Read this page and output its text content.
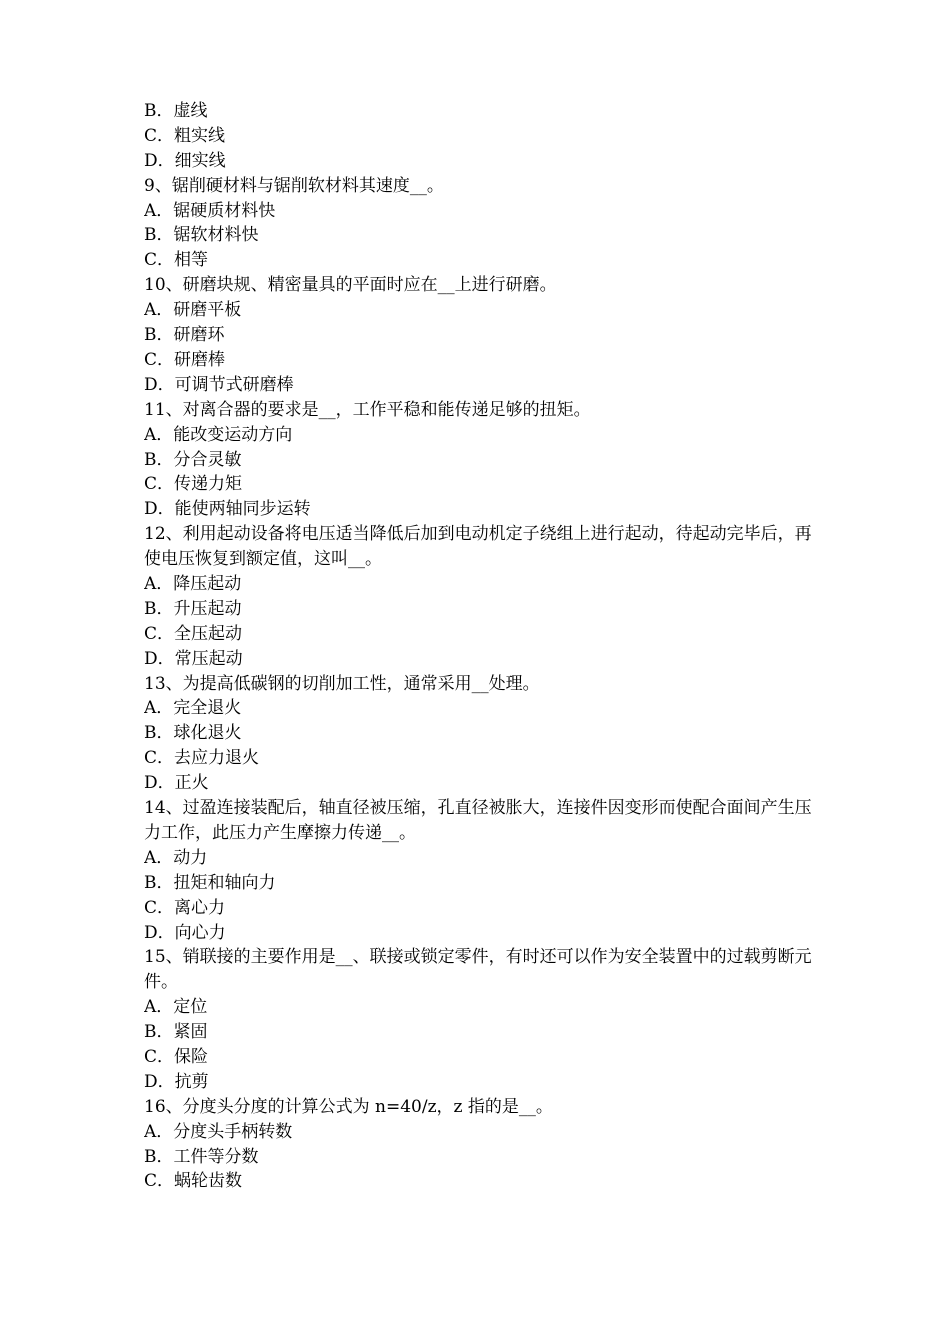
B．虚线
C．粗实线
D．细实线
9、锯削硬材料与锯削软材料其速度__。
A．锯硬质材料快
B．锯软材料快
C．相等
10、研磨块规、精密量具的平面时应在__上进行研磨。
A．研磨平板
B．研磨环
C．研磨棒
D．可调节式研磨棒
11、对离合器的要求是__，工作平稳和能传递足够的扭矩。
A．能改变运动方向
B．分合灵敏
C．传递力矩
D．能使两轴同步运转
12、利用起动设备将电压适当降低后加到电动机定子绕组上进行起动，待起动完毕后，再使电压恢复到额定值，这叫__。
A．降压起动
B．升压起动
C．全压起动
D．常压起动
13、为提高低碳钢的切削加工性，通常采用__处理。
A．完全退火
B．球化退火
C．去应力退火
D．正火
14、过盈连接装配后，轴直径被压缩，孔直径被胀大，连接件因变形而使配合面间产生压力工作，此压力产生摩擦力传递__。
A．动力
B．扭矩和轴向力
C．离心力
D．向心力
15、销联接的主要作用是__、联接或锁定零件，有时还可以作为安全装置中的过载剪断元件。
A．定位
B．紧固
C．保险
D．抗剪
16、分度头分度的计算公式为 n=40/z，z 指的是__。
A．分度头手柄转数
B．工件等分数
C．蜗轮齿数
